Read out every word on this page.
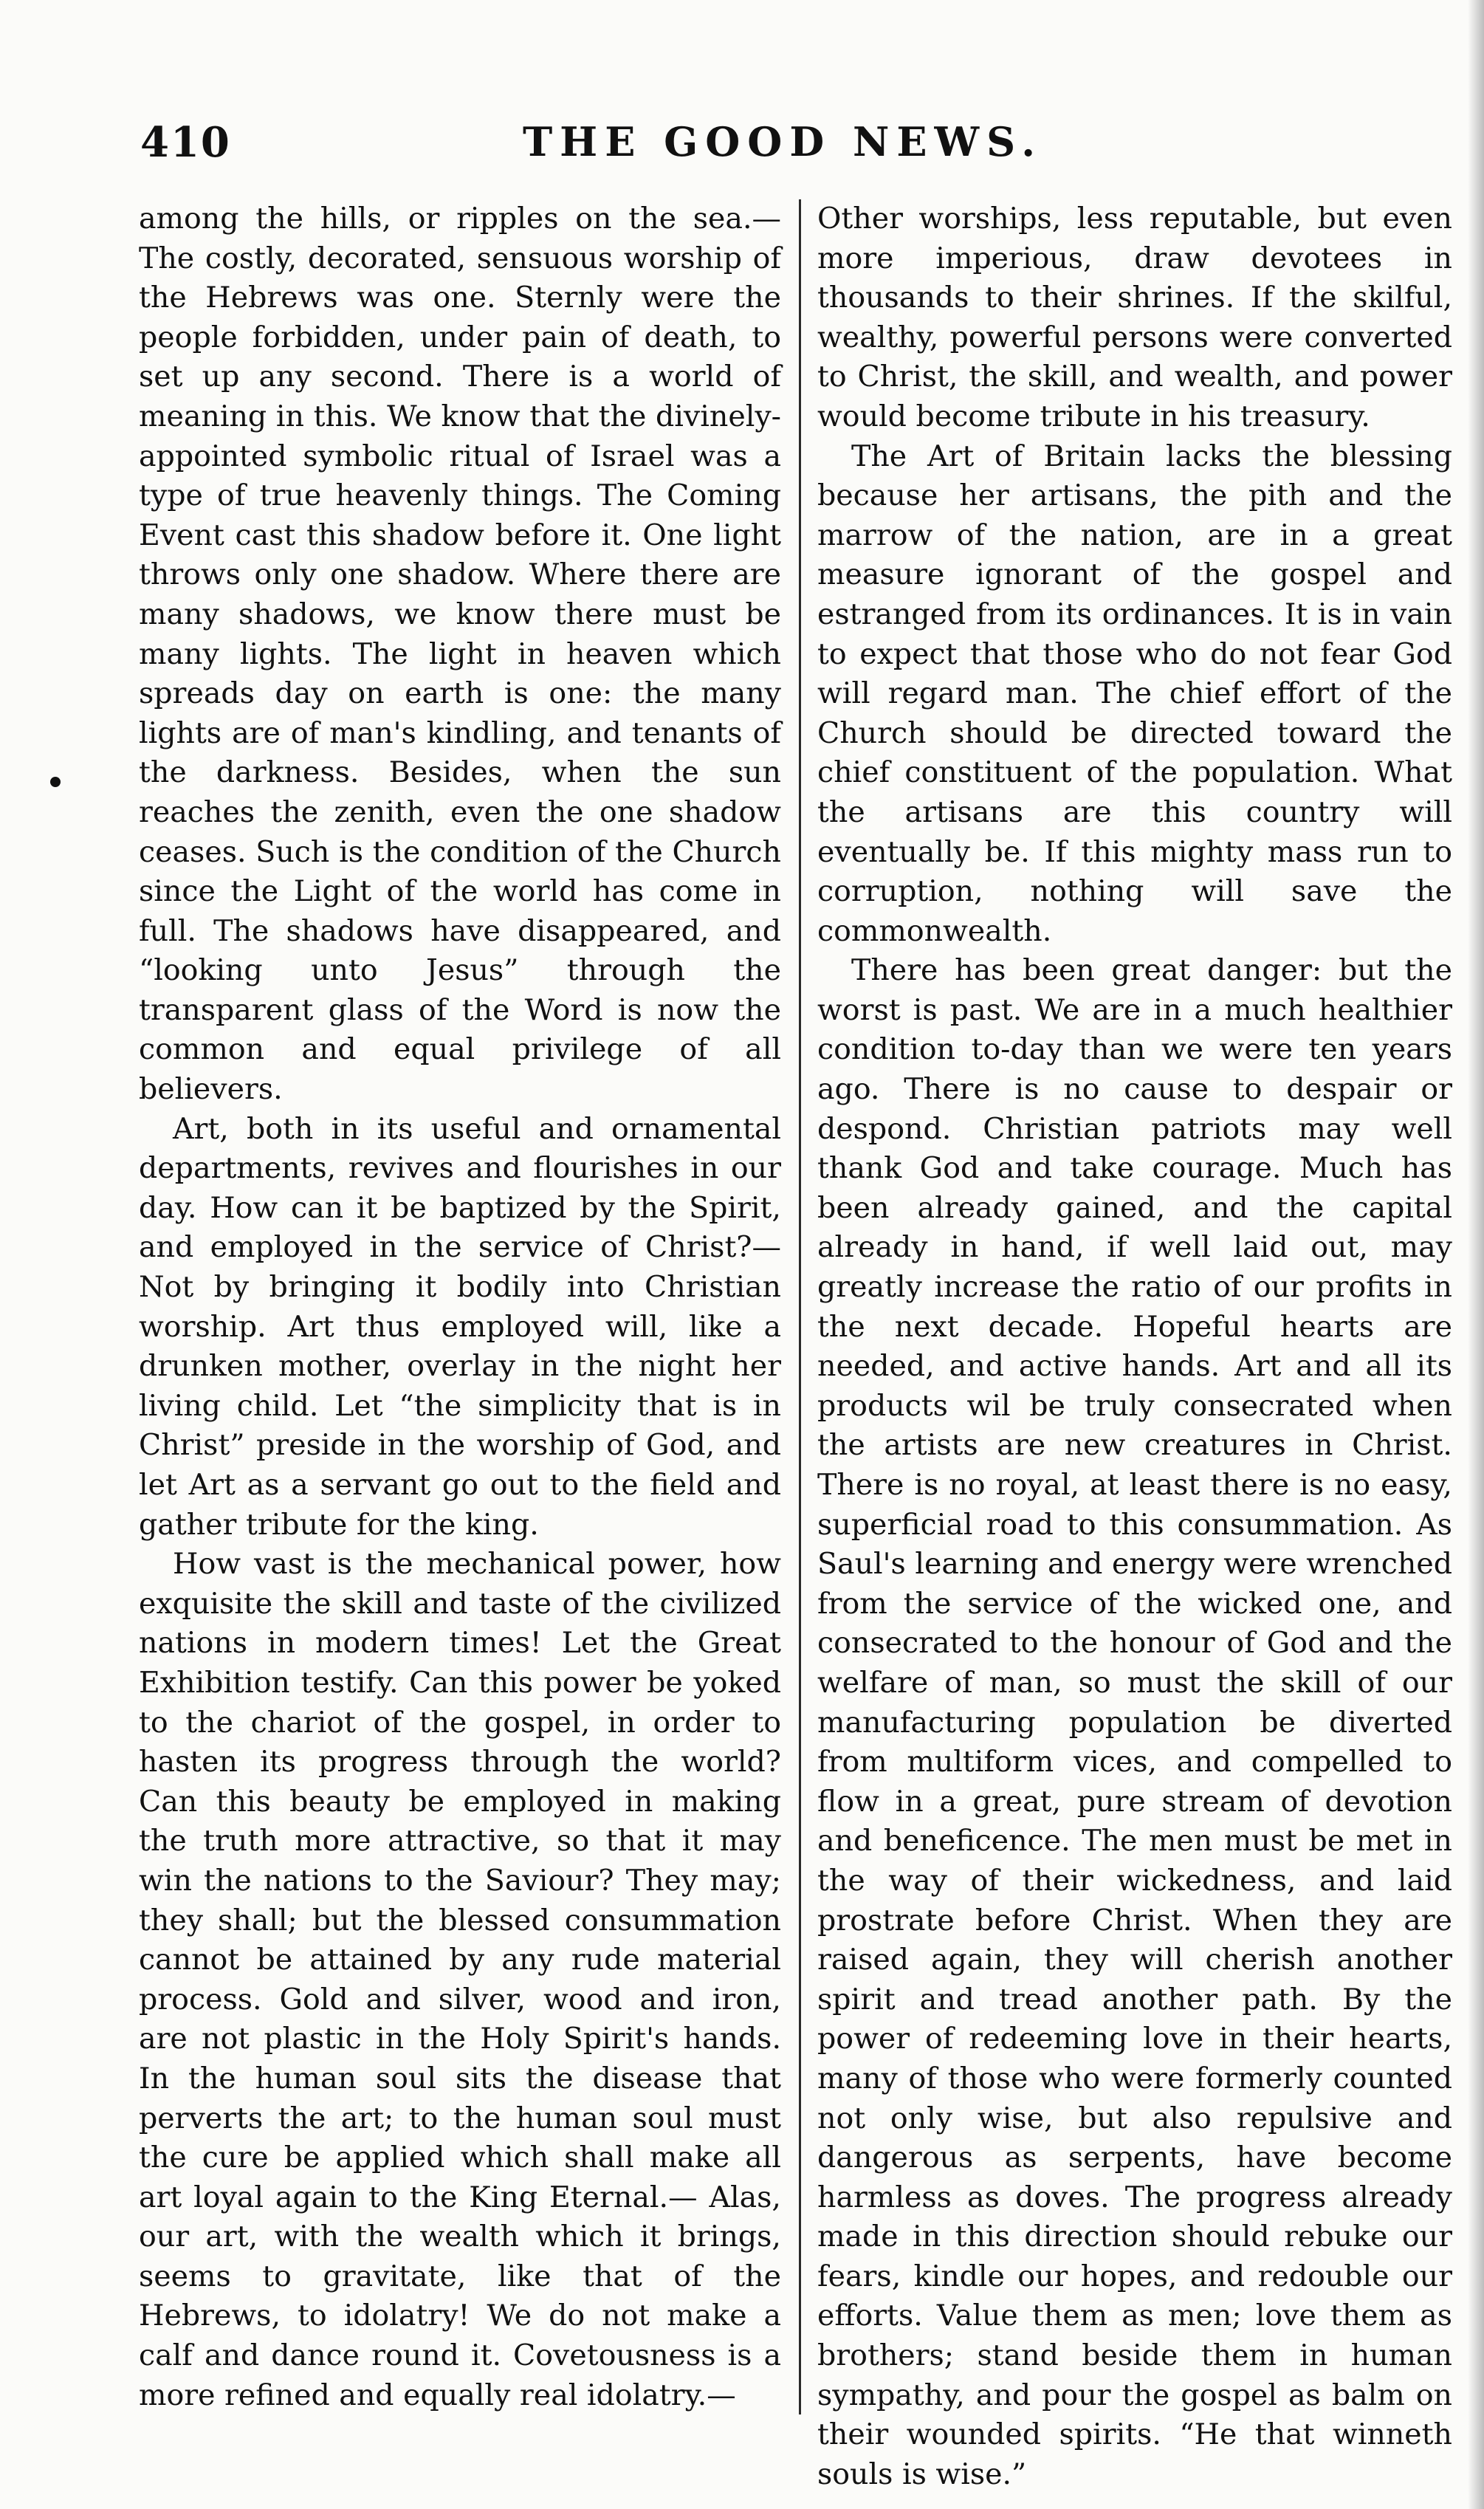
410	THE GOOD NEWS.

among the hills, or ripples on the sea.— The costly, decorated, sensuous worship of the Hebrews was one. Sternly were the people forbidden, under pain of death, to set up any second. There is a world of meaning in this. We know that the divinely-appointed symbolic ritual of Israel was a type of true heavenly things. The Coming Event cast this shadow before it. One light throws only one shadow. Where there are many shadows, we know there must be many lights. The light in heaven which spreads day on earth is one: the many lights are of man's kindling, and tenants of the darkness. Besides, when the sun reaches the zenith, even the one shadow ceases. Such is the condition of the Church since the Light of the world has come in full. The shadows have disappeared, and “looking unto Jesus” through the transparent glass of the Word is now the common and equal privilege of all believers.

Art, both in its useful and ornamental departments, revives and flourishes in our day. How can it be baptized by the Spirit, and employed in the service of Christ?— Not by bringing it bodily into Christian worship. Art thus employed will, like a drunken mother, overlay in the night her living child. Let “the simplicity that is in Christ” preside in the worship of God, and let Art as a servant go out to the field and gather tribute for the king.

How vast is the mechanical power, how exquisite the skill and taste of the civilized nations in modern times! Let the Great Exhibition testify. Can this power be yoked to the chariot of the gospel, in order to hasten its progress through the world? Can this beauty be employed in making the truth more attractive, so that it may win the nations to the Saviour? They may; they shall; but the blessed consummation cannot be attained by any rude material process. Gold and silver, wood and iron, are not plastic in the Holy Spirit's hands. In the human soul sits the disease that perverts the art; to the human soul must the cure be applied which shall make all art loyal again to the King Eternal.— Alas, our art, with the wealth which it brings, seems to gravitate, like that of the Hebrews, to idolatry! We do not make a calf and dance round it. Covetousness is a more refined and equally real idolatry.—

Other worships, less reputable, but even more imperious, draw devotees in thousands to their shrines. If the skilful, wealthy, powerful persons were converted to Christ, the skill, and wealth, and power would become tribute in his treasury.

The Art of Britain lacks the blessing because her artisans, the pith and the marrow of the nation, are in a great measure ignorant of the gospel and estranged from its ordinances. It is in vain to expect that those who do not fear God will regard man. The chief effort of the Church should be directed toward the chief constituent of the population. What the artisans are this country will eventually be. If this mighty mass run to corruption, nothing will save the commonwealth.

There has been great danger: but the worst is past. We are in a much healthier condition to-day than we were ten years ago. There is no cause to despair or despond. Christian patriots may well thank God and take courage. Much has been already gained, and the capital already in hand, if well laid out, may greatly increase the ratio of our profits in the next decade. Hopeful hearts are needed, and active hands. Art and all its products wil be truly consecrated when the artists are new creatures in Christ. There is no royal, at least there is no easy, superficial road to this consummation. As Saul's learning and energy were wrenched from the service of the wicked one, and consecrated to the honour of God and the welfare of man, so must the skill of our manufacturing population be diverted from multiform vices, and compelled to flow in a great, pure stream of devotion and beneficence. The men must be met in the way of their wickedness, and laid prostrate before Christ. When they are raised again, they will cherish another spirit and tread another path. By the power of redeeming love in their hearts, many of those who were formerly counted not only wise, but also repulsive and dangerous as serpents, have become harmless as doves. The progress already made in this direction should rebuke our fears, kindle our hopes, and redouble our efforts. Value them as men; love them as brothers; stand beside them in human sympathy, and pour the gospel as balm on their wounded spirits. “He that winneth souls is wise.”
